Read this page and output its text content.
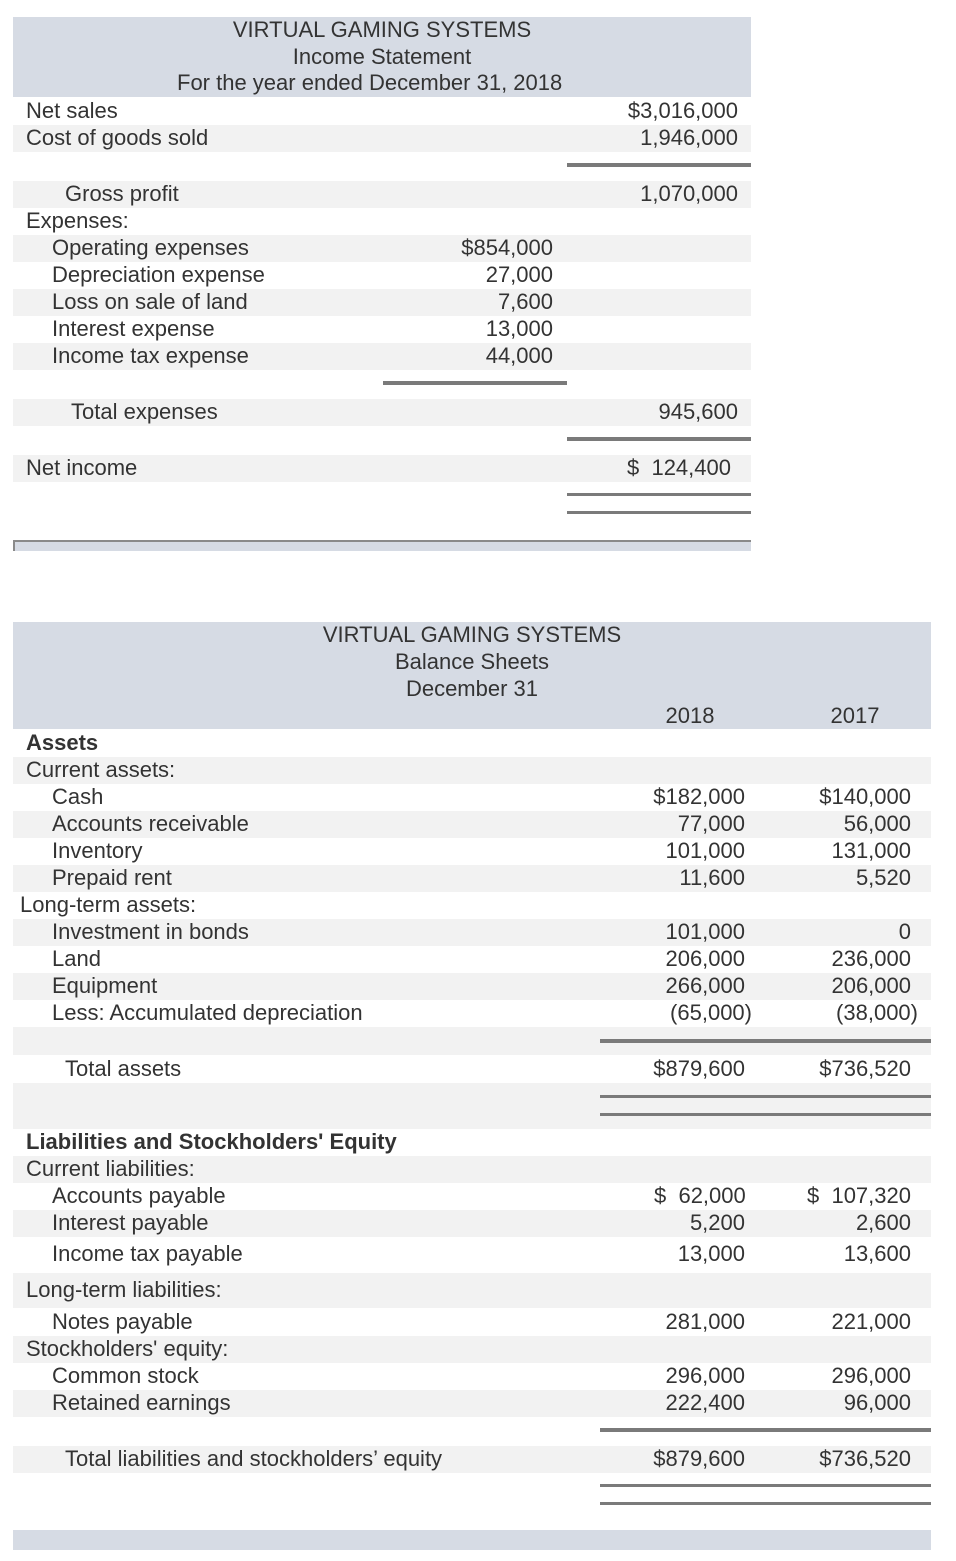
VIRTUAL GAMING SYSTEMS
Income Statement
For the year ended December 31, 2018
Net sales	$3,016,000
Cost of goods sold	1,946,000
Gross profit	1,070,000
Expenses:
Operating expenses	$854,000
Depreciation expense	27,000
Loss on sale of land	7,600
Interest expense	13,000
Income tax expense	44,000
Total expenses	945,600
Net income	$  124,400
VIRTUAL GAMING SYSTEMS
Balance Sheets
December 31
2018	2017
Assets
Current assets:
Cash	$182,000	$140,000
Accounts receivable	77,000	56,000
Inventory	101,000	131,000
Prepaid rent	11,600	5,520
Long-term assets:
Investment in bonds	101,000	0
Land	206,000	236,000
Equipment	266,000	206,000
Less: Accumulated depreciation	(65,000)	(38,000)
Total assets	$879,600	$736,520
Liabilities and Stockholders' Equity
Current liabilities:
Accounts payable	$  62,000	$  107,320
Interest payable	5,200	2,600
Income tax payable	13,000	13,600
Long-term liabilities:
Notes payable	281,000	221,000
Stockholders' equity:
Common stock	296,000	296,000
Retained earnings	222,400	96,000
Total liabilities and stockholders’ equity	$879,600	$736,520
